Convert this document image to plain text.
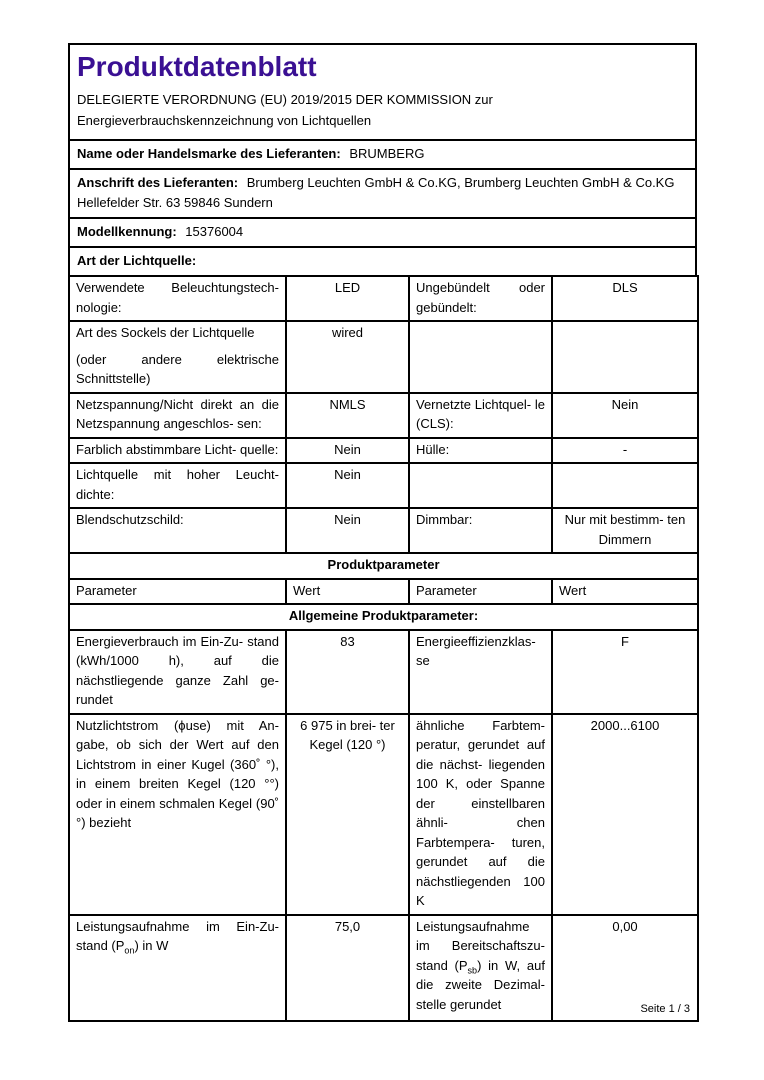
Produktdatenblatt

DELEGIERTE VERORDNUNG (EU) 2019/2015 DER KOMMISSION zur

Energieverbrauchskennzeichnung von Lichtquellen

Name oder Handelsmarke des Lieferanten: BRUMBERG
Anschrift des Lieferanten: Brumberg Leuchten GmbH & Co.KG, Brumberg Leuchten GmbH & Co.KG Hellefelder Str. 63 59846 Sundern
Modellkennung: 15376004
Art der Lichtquelle:
Verwendete Beleuchtungstech- nologie:	LED	Ungebündelt oder gebündelt:	DLS

Art des Sockels der Lichtquelle
(oder andere elektrische Schnittstelle)	wired		
Netzspannung/Nicht direkt an die Netzspannung angeschlos- sen:	NMLS	Vernetzte Lichtquel- le (CLS):	Nein
Farblich abstimmbare Licht- quelle:	Nein	Hülle:	-
Lichtquelle mit hoher Leucht- dichte:	Nein		
Blendschutzschild:	Nein	Dimmbar:	Nur mit bestimm- ten Dimmern
Produktparameter			
Parameter	Wert	Parameter	Wert
Allgemeine Produktparameter:			
Energieverbrauch im Ein-Zu- stand (kWh/1000 h), auf die nächstliegende ganze Zahl ge- rundet	83	Energieeffizienzklas- se	F
Nutzlichtstrom (ϕuse) mit An- gabe, ob sich der Wert auf den Lichtstrom in einer Kugel (360˚ °), in einem breiten Kegel (120 °°) oder in einem schmalen Kegel (90˚ °) bezieht	6 975 in brei- ter Kegel (120 °)	ähnliche Farbtem- peratur, gerundet auf die nächst- liegenden 100 K, oder Spanne der einstellbaren ähnli- chen Farbtempera- turen, gerundet auf die nächstliegenden 100 K	2000...6100
Leistungsaufnahme im Ein-Zu- stand $(P_{on})$ in W	75,0	Leistungsaufnahme im Bereitschaftszu- stand $(P_{sb})$ in W, auf die zweite Dezimal- stelle gerundet	0,00
Seite 1 / 3
